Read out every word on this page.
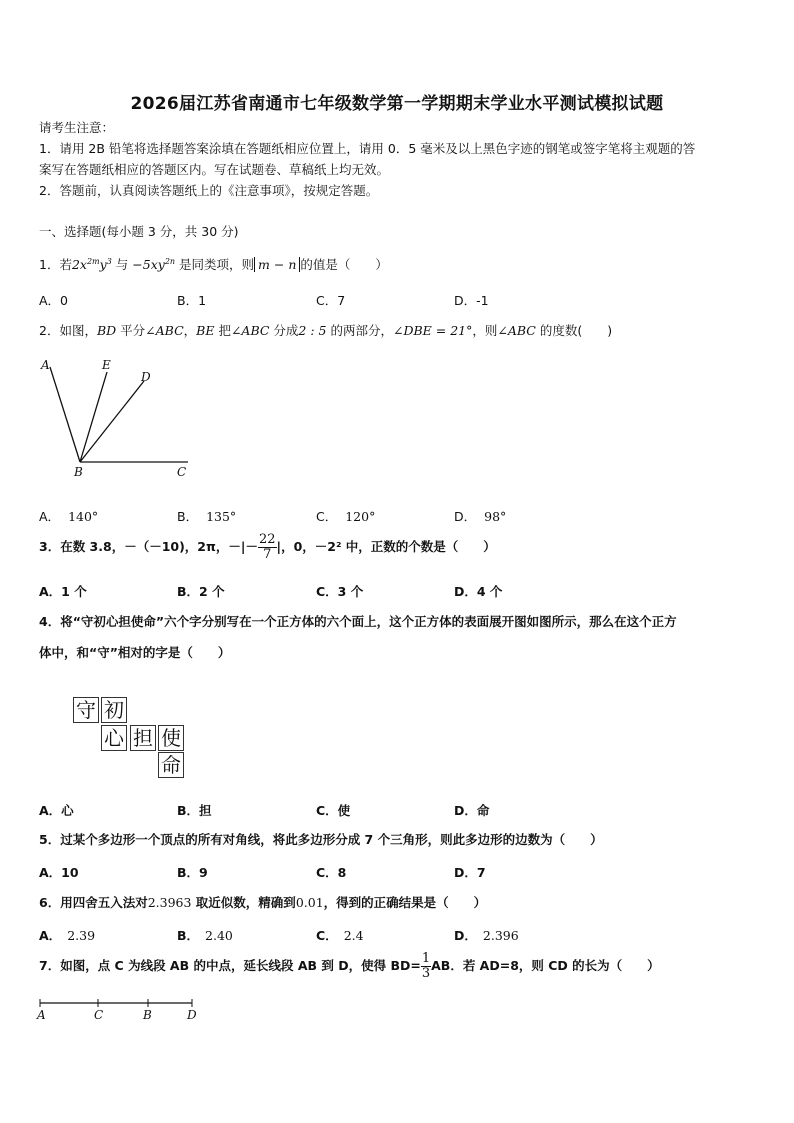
2026届江苏省南通市七年级数学第一学期期末学业水平测试模拟试题
请考生注意：
1．请用 2B 铅笔将选择题答案涂填在答题纸相应位置上，请用 0．5 毫米及以上黑色字迹的钢笔或签字笔将主观题的答
案写在答题纸相应的答题区内。写在试题卷、草稿纸上均无效。
2．答题前，认真阅读答题纸上的《注意事项》，按规定答题。
一、选择题(每小题 3 分，共 30 分)
1．若$2x^{2m}y^3$ 与 $-5xy^{2n}$ 是同类项，则 m − n 的值是（　　）
A．0	B．1	C．7	D．-1
2．如图，BD 平分∠ABC，BE 把∠ABC 分成2 : 5 的两部分，∠DBE = 21°，则∠ABC 的度数(　　)
A	E
D
B	C
A． 140°	B． 135°	C． 120°	D． 98°
3．在数 3.8，－（－10)，2π，－|－ $\frac{22}{7}$ |，0，－2² 中，正数的个数是（　　）
A．1 个	B．2 个	C．3 个	D．4 个
4．将“守初心担使命”六个字分别写在一个正方体的六个面上，这个正方体的表面展开图如图所示，那么在这个正方
体中，和“守”相对的字是（　　）
守 初
心 担 使
命
A．心	B．担	C．使	D．命
5．过某个多边形一个顶点的所有对角线，将此多边形分成 7 个三角形，则此多边形的边数为（　　）
A．10	B．9	C．8	D．7
6．用四舍五入法对2.3963 取近似数，精确到0.01，得到的正确结果是（　　）
A． 2.39	B． 2.40	C． 2.4	D． 2.396
7．如图，点 C 为线段 AB 的中点，延长线段 AB 到 D，使得 $BD= \frac{1}{3}$ AB．若 AD=8，则 CD 的长为（　　）
A	C	B	D
